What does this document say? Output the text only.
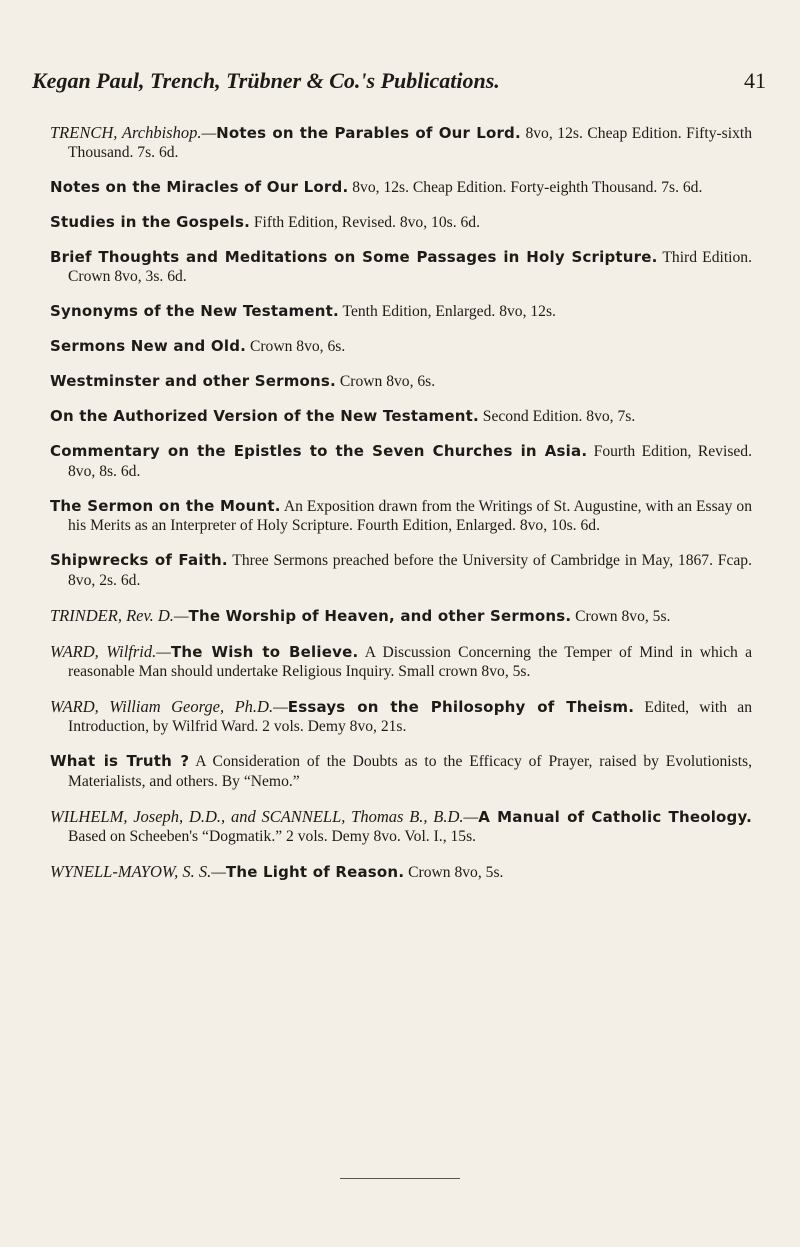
Kegan Paul, Trench, Trübner & Co.'s Publications.	41

TRENCH, Archbishop.—Notes on the Parables of Our Lord. 8vo, 12s. Cheap Edition. Fifty-sixth Thousand. 7s. 6d.

Notes on the Miracles of Our Lord. 8vo, 12s. Cheap Edition. Forty-eighth Thousand. 7s. 6d.

Studies in the Gospels. Fifth Edition, Revised. 8vo, 10s. 6d.

Brief Thoughts and Meditations on Some Passages in Holy Scripture. Third Edition. Crown 8vo, 3s. 6d.

Synonyms of the New Testament. Tenth Edition, Enlarged. 8vo, 12s.

Sermons New and Old. Crown 8vo, 6s.

Westminster and other Sermons. Crown 8vo, 6s.

On the Authorized Version of the New Testament. Second Edition. 8vo, 7s.

Commentary on the Epistles to the Seven Churches in Asia. Fourth Edition, Revised. 8vo, 8s. 6d.

The Sermon on the Mount. An Exposition drawn from the Writings of St. Augustine, with an Essay on his Merits as an Interpreter of Holy Scripture. Fourth Edition, Enlarged. 8vo, 10s. 6d.

Shipwrecks of Faith. Three Sermons preached before the University of Cambridge in May, 1867. Fcap. 8vo, 2s. 6d.

TRINDER, Rev. D.—The Worship of Heaven, and other Sermons. Crown 8vo, 5s.

WARD, Wilfrid.—The Wish to Believe. A Discussion Concerning the Temper of Mind in which a reasonable Man should undertake Religious Inquiry. Small crown 8vo, 5s.

WARD, William George, Ph.D.—Essays on the Philosophy of Theism. Edited, with an Introduction, by Wilfrid Ward. 2 vols. Demy 8vo, 21s.

What is Truth ? A Consideration of the Doubts as to the Efficacy of Prayer, raised by Evolutionists, Materialists, and others. By “Nemo.”

WILHELM, Joseph, D.D., and SCANNELL, Thomas B., B.D.—A Manual of Catholic Theology. Based on Scheeben's “Dogmatik.” 2 vols. Demy 8vo. Vol. I., 15s.

WYNELL-MAYOW, S. S.—The Light of Reason. Crown 8vo, 5s.
